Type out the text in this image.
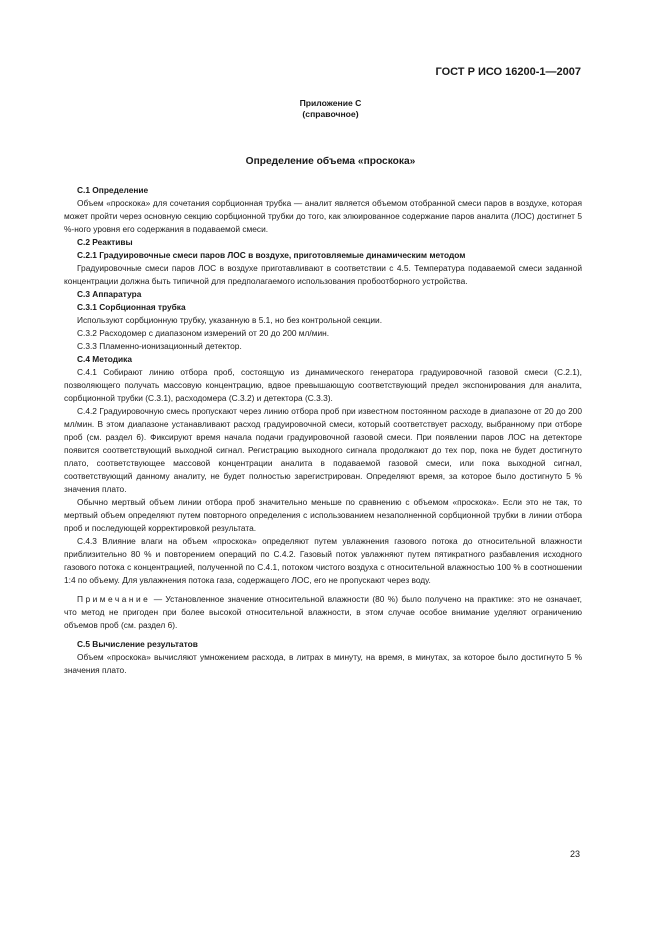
ГОСТ Р ИСО 16200-1—2007
Приложение С
(справочное)
Определение объема «проскока»
С.1 Определение

Объем «проскока» для сочетания сорбционная трубка — аналит является объемом отобранной смеси паров в воздухе, которая может пройти через основную секцию сорбционной трубки до того, как элюированное содержание паров аналита (ЛОС) достигнет 5 %-ного уровня его содержания в подаваемой смеси.

С.2 Реактивы
С.2.1 Градуировочные смеси паров ЛОС в воздухе, приготовляемые динамическим методом

Градуировочные смеси паров ЛОС в воздухе приготавливают в соответствии с 4.5. Температура подаваемой смеси заданной концентрации должна быть типичной для предполагаемого использования пробоотборного устройства.

С.3 Аппаратура
С.3.1 Сорбционная трубка

Используют сорбционную трубку, указанную в 5.1, но без контрольной секции.

С.3.2 Расходомер с диапазоном измерений от 20 до 200 мл/мин.

С.3.3 Пламенно-ионизационный детектор.

С.4 Методика

С.4.1 Собирают линию отбора проб, состоящую из динамического генератора градуировочной газовой смеси (С.2.1), позволяющего получать массовую концентрацию, вдвое превышающую соответствующий предел экспонирования для аналита, сорбционной трубки (С.3.1), расходомера (С.3.2) и детектора (С.3.3).

С.4.2 Градуировочную смесь пропускают через линию отбора проб при известном постоянном расходе в диапазоне от 20 до 200 мл/мин. В этом диапазоне устанавливают расход градуировочной смеси, который соответствует расходу, выбранному при отборе проб (см. раздел 6). Фиксируют время начала подачи градуировочной газовой смеси. При появлении паров ЛОС на детекторе появится соответствующий выходной сигнал. Регистрацию выходного сигнала продолжают до тех пор, пока не будет достигнуто плато, соответствующее массовой концентрации аналита в подаваемой газовой смеси, или пока выходной сигнал, соответствующий данному аналиту, не будет полностью зарегистрирован. Определяют время, за которое было достигнуто 5 % значения плато.

Обычно мертвый объем линии отбора проб значительно меньше по сравнению с объемом «проскока». Если это не так, то мертвый объем определяют путем повторного определения с использованием незаполненной сорбционной трубки в линии отбора проб и последующей корректировкой результата.

С.4.3 Влияние влаги на объем «проскока» определяют путем увлажнения газового потока до относительной влажности приблизительно 80 % и повторением операций по С.4.2. Газовый поток увлажняют путем пятикратного разбавления исходного газового потока с концентрацией, полученной по С.4.1, потоком чистого воздуха с относительной влажностью 100 % в соотношении 1:4 по объему. Для увлажнения потока газа, содержащего ЛОС, его не пропускают через воду.

Примечание — Установленное значение относительной влажности (80 %) было получено на практике: это не означает, что метод не пригоден при более высокой относительной влажности, в этом случае особое внимание уделяют ограничению объемов проб (см. раздел 6).

С.5 Вычисление результатов

Объем «проскока» вычисляют умножением расхода, в литрах в минуту, на время, в минутах, за которое было достигнуто 5 % значения плато.

23
